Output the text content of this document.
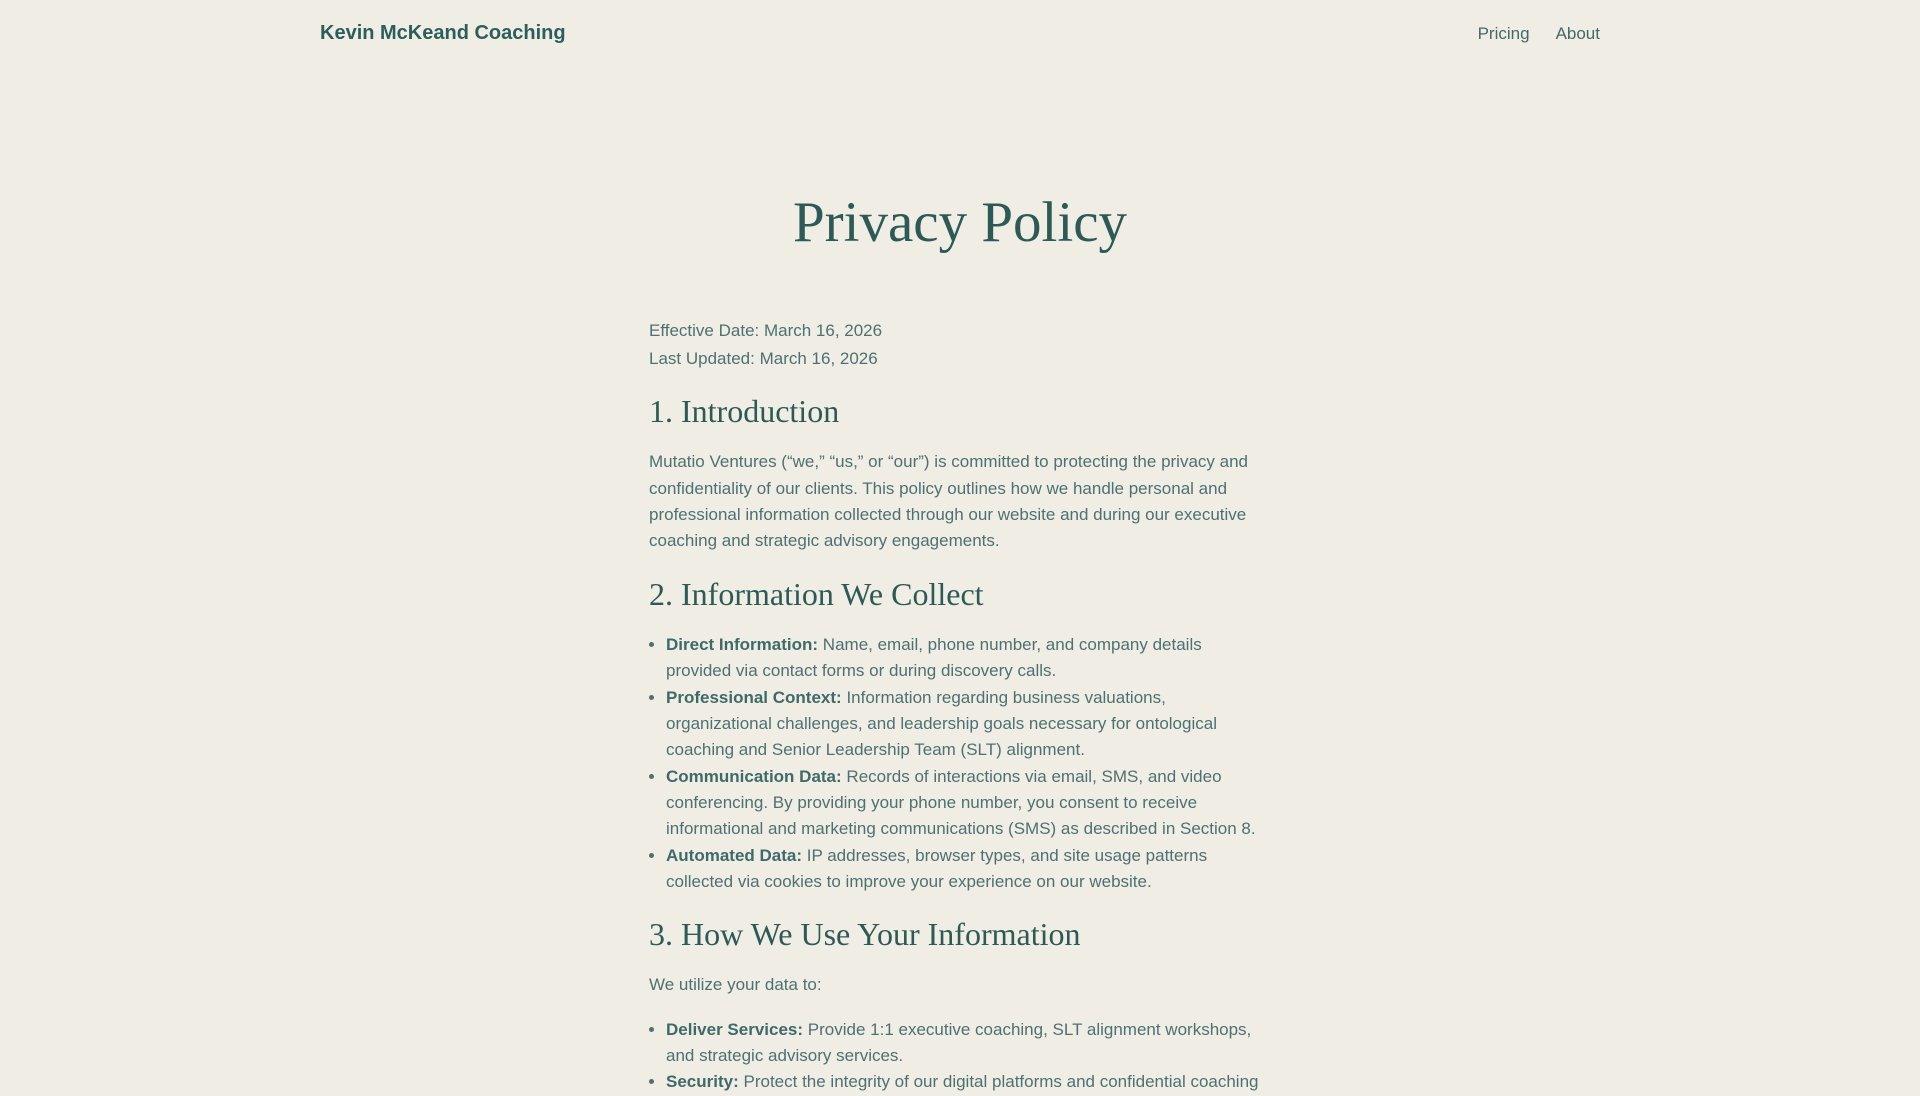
Kevin McKeand Coaching	Pricing About
Privacy Policy
Effective Date: March 16, 2026
Last Updated: March 16, 2026
1. Introduction

Mutatio Ventures (“we,” “us,” or “our”) is committed to protecting the privacy and confidentiality of our clients. This policy outlines how we handle personal and professional information collected through our website and during our executive coaching and strategic advisory engagements.

2. Information We Collect
• Direct Information: Name, email, phone number, and company details provided via contact forms or during discovery calls.
• Professional Context: Information regarding business valuations, organizational challenges, and leadership goals necessary for ontological coaching and Senior Leadership Team (SLT) alignment.
• Communication Data: Records of interactions via email, SMS, and video conferencing. By providing your phone number, you consent to receive informational and marketing communications (SMS) as described in Section 8.
• Automated Data: IP addresses, browser types, and site usage patterns collected via cookies to improve your experience on our website.
3. How We Use Your Information

We utilize your data to:

• Deliver Services: Provide 1:1 executive coaching, SLT alignment workshops, and strategic advisory services.
• Security: Protect the integrity of our digital platforms and confidential coaching
